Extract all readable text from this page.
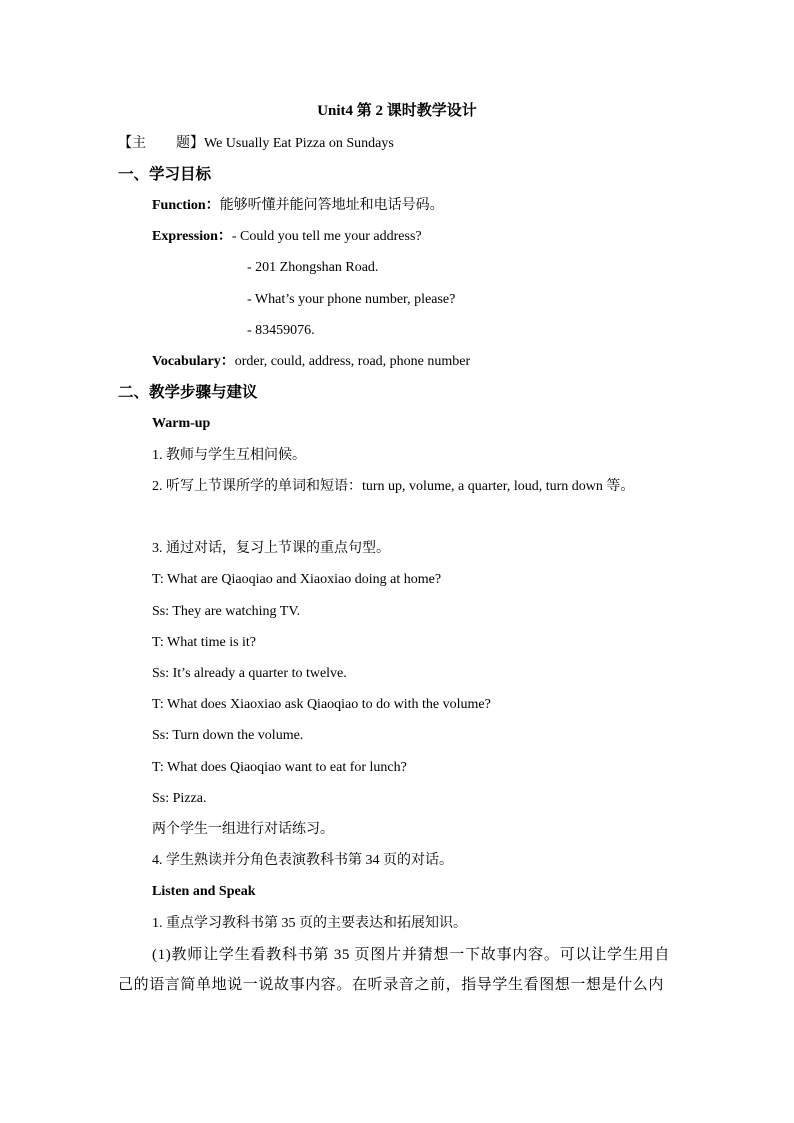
Unit4 第 2 课时教学设计
【主 题】We Usually Eat Pizza on Sundays
一、学习目标
Function：能够听懂并能问答地址和电话号码。
Expression：- Could you tell me your address?
- 201 Zhongshan Road.
- What’s your phone number, please?
- 83459076.
Vocabulary：order, could, address, road, phone number
二、教学步骤与建议
Warm-up
1. 教师与学生互相问候。

2. 听写上节课所学的单词和短语：turn up, volume, a quarter, loud, turn down 等。

3. 通过对话，复习上节课的重点句型。
T: What are Qiaoqiao and Xiaoxiao doing at home?
Ss: They are watching TV.
T: What time is it?
Ss: It’s already a quarter to twelve.
T: What does Xiaoxiao ask Qiaoqiao to do with the volume?
Ss: Turn down the volume.
T: What does Qiaoqiao want to eat for lunch?
Ss: Pizza.
两个学生一组进行对话练习。
4. 学生熟读并分角色表演教科书第 34 页的对话。
Listen and Speak
1. 重点学习教科书第 35 页的主要表达和拓展知识。

(1)教师让学生看教科书第 35 页图片并猜想一下故事内容。可以让学生用自己的语言简单地说一说故事内容。在听录音之前，指导学生看图想一想是什么内
